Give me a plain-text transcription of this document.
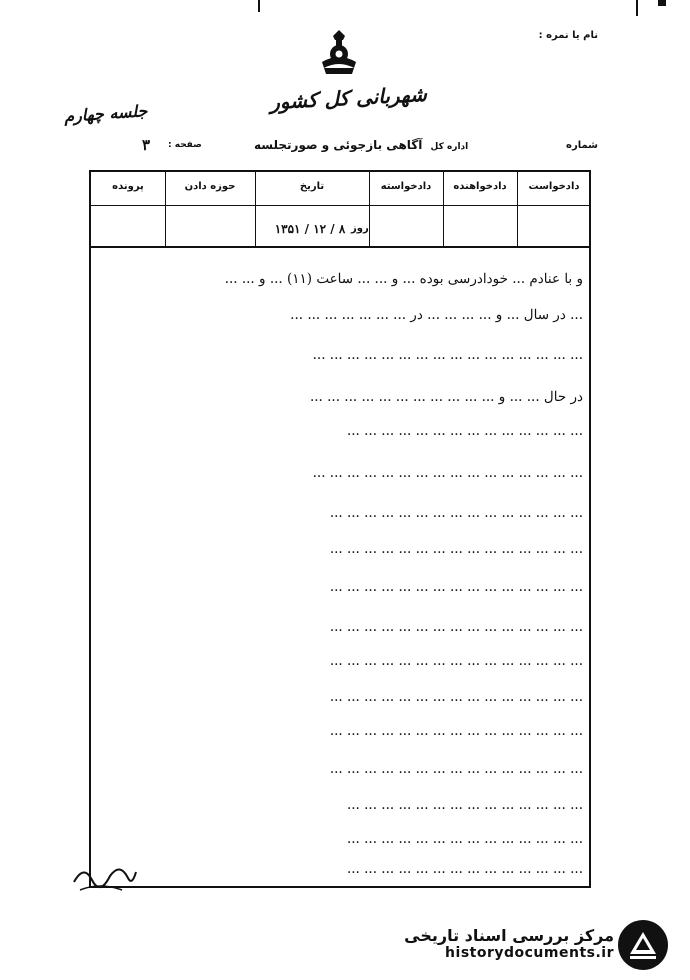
نام یا نمره :
شهربانی کل کشور
جلسه چهارم
شماره
اداره کل آگاهی بازجوئی و صورتجلسه
صفحه :
۳
دادخواست
دادخواهنده
دادخواسته
تاریخ
حوزه دادن
پرونده
۱۳۵۱ / ۱۲ / ۸ روز
و با عنادم ... خودادرسی بوده ... و ... ... ساعت (۱۱) ... و ... ...
... در سال ... و ... ... ... ... در ... ... ... ... ... ... ...
... ... ... ... ... ... ... ... ... ... ... ... ... ... ... ...
در حال ... ... و ... ... ... ... ... ... ... ... ... ... ...
... ... ... ... ... ... ... ... ... ... ... ... ... ...
... ... ... ... ... ... ... ... ... ... ... ... ... ... ... ...
... ... ... ... ... ... ... ... ... ... ... ... ... ... ...
... ... ... ... ... ... ... ... ... ... ... ... ... ... ...
... ... ... ... ... ... ... ... ... ... ... ... ... ... ...
... ... ... ... ... ... ... ... ... ... ... ... ... ... ...
... ... ... ... ... ... ... ... ... ... ... ... ... ... ...
... ... ... ... ... ... ... ... ... ... ... ... ... ... ...
... ... ... ... ... ... ... ... ... ... ... ... ... ... ...
... ... ... ... ... ... ... ... ... ... ... ... ... ... ...
... ... ... ... ... ... ... ... ... ... ... ... ... ...
... ... ... ... ... ... ... ... ... ... ... ... ... ...
... ... ... ... ... ... ... ... ... ... ... ... ... ...
مرکز بررسی اسناد تاریخی
historydocuments.ir
